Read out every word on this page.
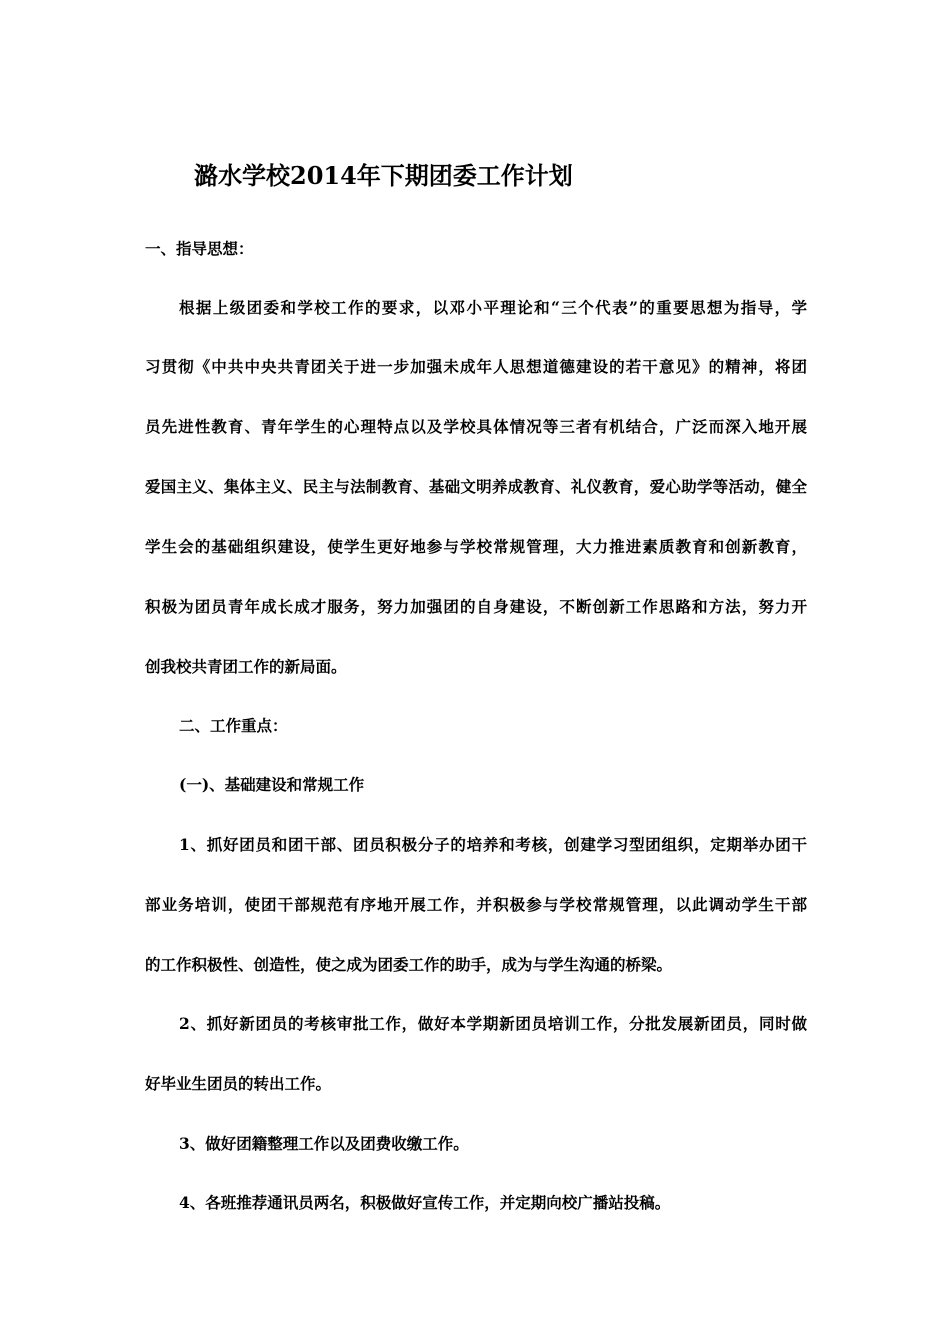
潞水学校2014年下期团委工作计划
一、指导思想：
根据上级团委和学校工作的要求，以邓小平理论和“三个代表”的重要思想为指导，学
习贯彻《中共中央共青团关于进一步加强未成年人思想道德建设的若干意见》的精神，将团
员先进性教育、青年学生的心理特点以及学校具体情况等三者有机结合，广泛而深入地开展
爱国主义、集体主义、民主与法制教育、基础文明养成教育、礼仪教育，爱心助学等活动，健全
学生会的基础组织建设，使学生更好地参与学校常规管理，大力推进素质教育和创新教育，
积极为团员青年成长成才服务，努力加强团的自身建设，不断创新工作思路和方法，努力开
创我校共青团工作的新局面。
二、工作重点：
(一)、基础建设和常规工作
1、抓好团员和团干部、团员积极分子的培养和考核，创建学习型团组织，定期举办团干
部业务培训，使团干部规范有序地开展工作，并积极参与学校常规管理，以此调动学生干部
的工作积极性、创造性，使之成为团委工作的助手，成为与学生沟通的桥梁。
2、抓好新团员的考核审批工作，做好本学期新团员培训工作，分批发展新团员，同时做
好毕业生团员的转出工作。
3、做好团籍整理工作以及团费收缴工作。
4、各班推荐通讯员两名，积极做好宣传工作，并定期向校广播站投稿。
